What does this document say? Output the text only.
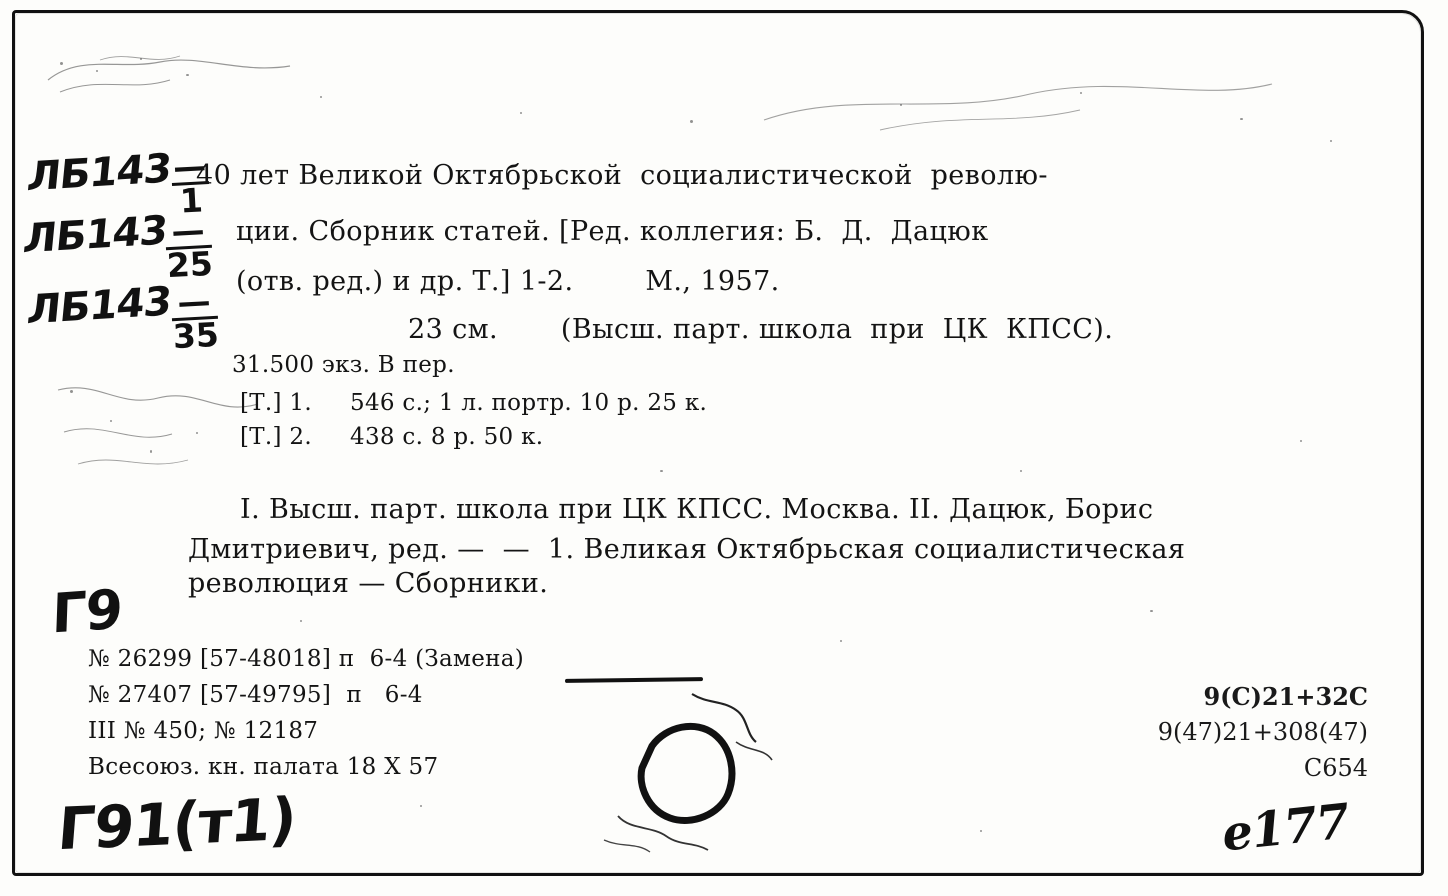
ЛБ143 —
1
ЛБ143 —
25
ЛБ143 —
35
40 лет Великой Октябрьской  социалистической  револю-
ции. Сборник статей. [Ред. коллегия: Б.  Д.  Дацюк
(отв. ред.) и др. Т.] 1-2.        М., 1957.
23 см.       (Высш. парт. школа  при  ЦК  КПСС).
31.500 экз. В пер.
[Т.] 1.     546 с.; 1 л. портр. 10 р. 25 к.
[Т.] 2.     438 с. 8 р. 50 к.
I. Высш. парт. школа при ЦК КПСС. Москва. II. Дацюк, Борис
Дмитриевич, ред. —  —  1. Великая Октябрьская социалистическая
революция — Сборники.
Г9
№ 26299 [57-48018] п  6-4 (Замена)
№ 27407 [57-49795]  п   6-4
III № 450; № 12187
Всесоюз. кн. палата 18 X 57
9(С)21+32С
9(47)21+308(47)
С654
Г91(т1)	е177
